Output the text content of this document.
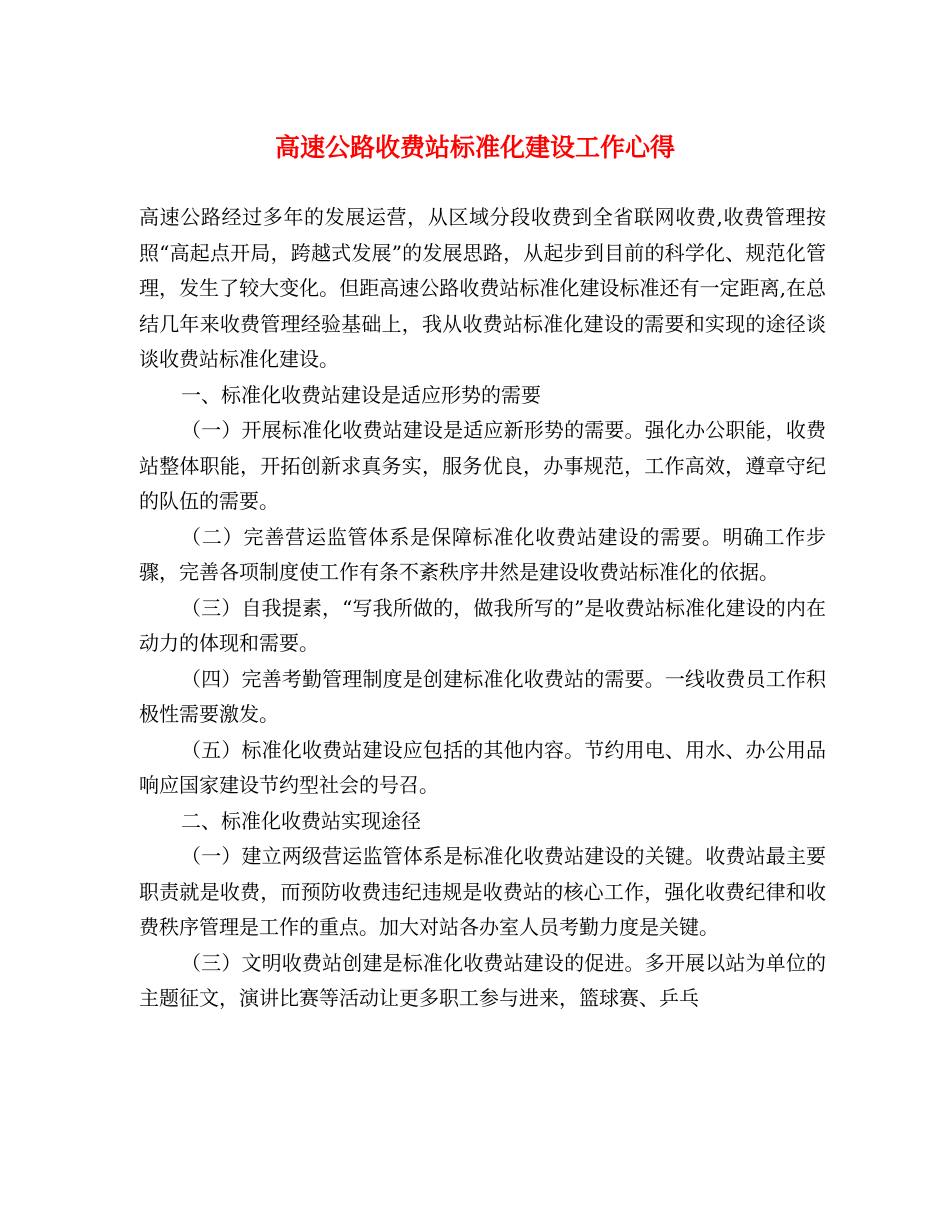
高速公路收费站标准化建设工作心得

高速公路经过多年的发展运营，从区域分段收费到全省联网收费,收费管理按照“高起点开局，跨越式发展”的发展思路，从起步到目前的科学化、规范化管理，发生了较大变化。但距高速公路收费站标准化建设标准还有一定距离,在总结几年来收费管理经验基础上，我从收费站标准化建设的需要和实现的途径谈谈收费站标准化建设。

一、标准化收费站建设是适应形势的需要

（一）开展标准化收费站建设是适应新形势的需要。强化办公职能，收费站整体职能，开拓创新求真务实，服务优良，办事规范，工作高效，遵章守纪的队伍的需要。

（二）完善营运监管体系是保障标准化收费站建设的需要。明确工作步骤，完善各项制度使工作有条不紊秩序井然是建设收费站标准化的依据。

（三）自我提素，“写我所做的，做我所写的”是收费站标准化建设的内在动力的体现和需要。

（四）完善考勤管理制度是创建标准化收费站的需要。一线收费员工作积极性需要激发。

（五）标准化收费站建设应包括的其他内容。节约用电、用水、办公用品响应国家建设节约型社会的号召。

二、标准化收费站实现途径

（一）建立两级营运监管体系是标准化收费站建设的关键。收费站最主要职责就是收费，而预防收费违纪违规是收费站的核心工作，强化收费纪律和收费秩序管理是工作的重点。加大对站各办室人员考勤力度是关键。

（三）文明收费站创建是标准化收费站建设的促进。多开展以站为单位的主题征文，演讲比赛等活动让更多职工参与进来，篮球赛、乒乓
